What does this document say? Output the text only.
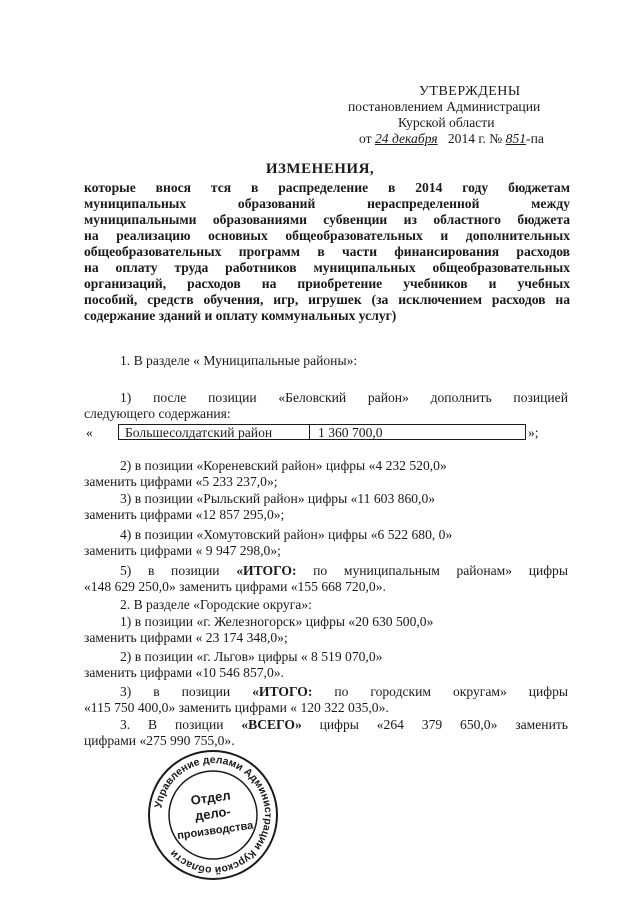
УТВЕРЖДЕНЫ
постановлением Администрации
Курской области
от 24 декабря 2014 г. № 851-па
ИЗМЕНЕНИЯ,
которые внося тся в распределение в 2014 году бюджетам
муниципальных образований нераспределенной между
муниципальными образованиями субвенции из областного бюджета
на реализацию основных общеобразовательных и дополнительных
общеобразовательных программ в части финансирования расходов
на оплату труда работников муниципальных общеобразовательных
организаций, расходов на приобретение учебников и учебных
пособий, средств обучения, игр, игрушек (за исключением расходов на
содержание зданий и оплату коммунальных услуг)
1. В разделе « Муниципальные районы»:
1) после позиции «Беловский район» дополнить позицией
следующего содержания:
«	Большесолдатский район	1 360 700,0	»;
2) в позиции «Кореневский район» цифры «4 232 520,0»
заменить цифрами «5 233 237,0»;
3) в позиции «Рыльский район» цифры «11 603 860,0»
заменить цифрами «12 857 295,0»;
4) в позиции «Хомутовский район» цифры «6 522 680, 0»
заменить цифрами « 9 947 298,0»;
5) в позиции «ИТОГО: по муниципальным районам» цифры
«148 629 250,0» заменить цифрами «155 668 720,0».
2. В разделе «Городские округа»:
1) в позиции «г. Железногорск» цифры «20 630 500,0»
заменить цифрами « 23 174 348,0»;
2) в позиции «г. Льгов» цифры « 8 519 070,0»
заменить цифрами «10 546 857,0».
3) в позиции «ИТОГО: по городским округам» цифры
«115 750 400,0» заменить цифрами « 120 322 035,0».
3. В позиции «ВСЕГО» цифры «264 379 650,0» заменить
цифрами «275 990 755,0».
Управление делами Администрации Курской области
Отдел
дело-
производства
